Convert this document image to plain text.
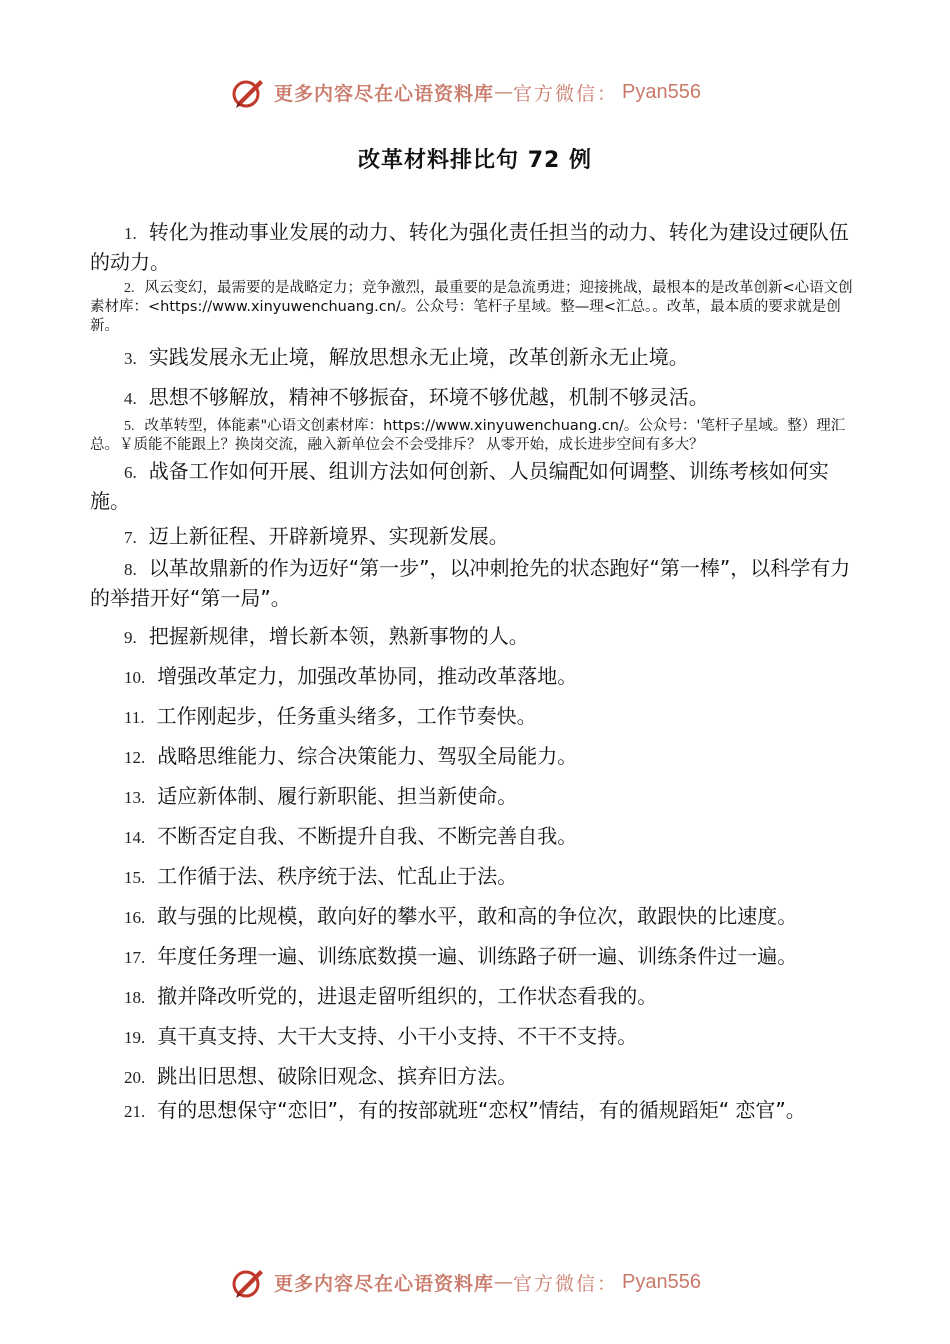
更多内容尽在心语资料库 — 官方微信： Pyan556
改革材料排比句 72 例

1. 转化为推动事业发展的动力、转化为强化责任担当的动力、转化为建设过硬队伍的动力。

2. 风云变幻，最需要的是战略定力；竞争激烈，最重要的是急流勇进；迎接挑战，最根本的是改革创新<心语文创素材库：<https://www.xinyuwenchuang.cn/。公众号：笔杆子星域。整—理<汇总。。改革，最本质的要求就是创新。

3. 实践发展永无止境，解放思想永无止境，改革创新永无止境。

4. 思想不够解放，精神不够振奋，环境不够优越，机制不够灵活。

5. 改革转型，体能素"心语文创素材库：https://www.xinyuwenchuang.cn/。公众号：'笔杆子星域。整）理汇总。￥质能不能跟上？换岗交流，融入新单位会不会受排斥？ 从零开始，成长进步空间有多大？

6. 战备工作如何开展、组训方法如何创新、人员编配如何调整、训练考核如何实施。

7. 迈上新征程、开辟新境界、实现新发展。

8. 以革故鼎新的作为迈好“第一步”，以冲刺抢先的状态跑好“第一棒”，以科学有力的举措开好“第一局”。

9. 把握新规律，增长新本领，熟新事物的人。

10. 增强改革定力，加强改革协同，推动改革落地。

11. 工作刚起步，任务重头绪多，工作节奏快。

12. 战略思维能力、综合决策能力、驾驭全局能力。

13. 适应新体制、履行新职能、担当新使命。

14. 不断否定自我、不断提升自我、不断完善自我。

15. 工作循于法、秩序统于法、忙乱止于法。

16. 敢与强的比规模，敢向好的攀水平，敢和高的争位次，敢跟快的比速度。

17. 年度任务理一遍、训练底数摸一遍、训练路子研一遍、训练条件过一遍。

18. 撤并降改听党的，进退走留听组织的，工作状态看我的。

19. 真干真支持、大干大支持、小干小支持、不干不支持。

20. 跳出旧思想、破除旧观念、摈弃旧方法。

21. 有的思想保守“恋旧”，有的按部就班“恋权”情结，有的循规蹈矩“ 恋官”。

更多内容尽在心语资料库 — 官方微信： Pyan556
